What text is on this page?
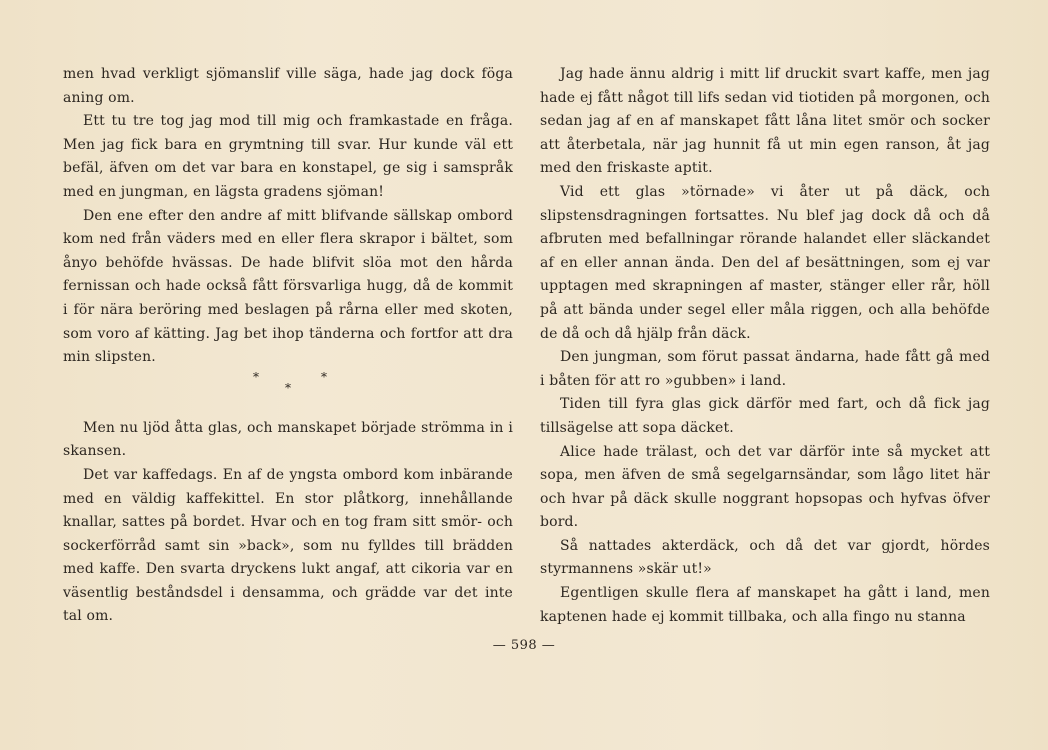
men hvad verkligt sjömanslif ville säga, hade jag dock föga aning om.

Ett tu tre tog jag mod till mig och framkastade en fråga. Men jag fick bara en grymtning till svar. Hur kunde väl ett befäl, äfven om det var bara en konstapel, ge sig i samspråk med en jungman, en lägsta gradens sjöman!

Den ene efter den andre af mitt blifvande sällskap ombord kom ned från väders med en eller flera skrapor i bältet, som ånyo behöfde hvässas. De hade blifvit slöa mot den hårda fernissan och hade också fått försvarliga hugg, då de kommit i för nära beröring med beslagen på rårna eller med skoten, som voro af kätting. Jag bet ihop tänderna och fortfor att dra min slipsten.

*	*
*

Men nu ljöd åtta glas, och manskapet började strömma in i skansen.

Det var kaffedags. En af de yngsta ombord kom inbärande med en väldig kaffekittel. En stor plåtkorg, innehållande knallar, sattes på bordet. Hvar och en tog fram sitt smör- och sockerförråd samt sin »back», som nu fylldes till brädden med kaffe. Den svarta dryckens lukt angaf, att cikoria var en väsentlig beståndsdel i densamma, och grädde var det inte tal om.

Jag hade ännu aldrig i mitt lif druckit svart kaffe, men jag hade ej fått något till lifs sedan vid tiotiden på morgonen, och sedan jag af en af manskapet fått låna litet smör och socker att återbetala, när jag hunnit få ut min egen ranson, åt jag med den friskaste aptit.

Vid ett glas »törnade» vi åter ut på däck, och slipstensdragningen fortsattes. Nu blef jag dock då och då afbruten med befallningar rörande halandet eller släckandet af en eller annan ända. Den del af besättningen, som ej var upptagen med skrapningen af master, stänger eller rår, höll på att bända under segel eller måla riggen, och alla behöfde de då och då hjälp från däck.

Den jungman, som förut passat ändarna, hade fått gå med i båten för att ro »gubben» i land.

Tiden till fyra glas gick därför med fart, och då fick jag tillsägelse att sopa däcket.

Alice hade trälast, och det var därför inte så mycket att sopa, men äfven de små segelgarnsändar, som lågo litet här och hvar på däck skulle noggrant hopsopas och hyfvas öfver bord.

Så nattades akterdäck, och då det var gjordt, hördes styrmannens »skär ut!»

Egentligen skulle flera af manskapet ha gått i land, men kaptenen hade ej kommit tillbaka, och alla fingo nu stanna

— 598 —
